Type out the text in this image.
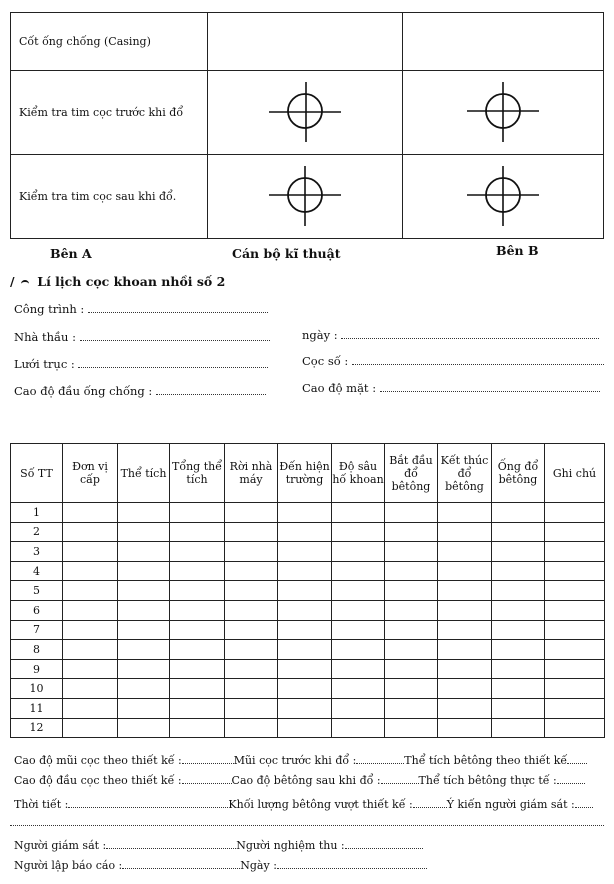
Cốt ống chống (Casing)		
Kiểm tra tim cọc trước khi đổ		
Kiểm tra tim cọc sau khi đổ.		
Bên A	Cán bộ kĩ thuật	Bên B
/ Lí lịch cọc khoan nhồi số 2
Công trình :
Nhà thầu :	ngày :
Lưới trục :	Cọc số :
Cao độ đầu ống chống :	Cao độ mặt :
Số TT	Đơn vị cấp	Thể tích	Tổng thể tích	Rời nhà máy	Đến hiện trường	Độ sâu hố khoan	Bắt đầu đổ bêtông	Kết thúc đổ bêtông	Ống đổ bêtông	Ghi chú
1										
2										
3										
4										
5										
6										
7										
8										
9										
10										
11										
12										
Cao độ mũi cọc theo thiết kế :	Mũi cọc trước khi đổ :	Thể tích bêtông theo thiết kế
Cao độ đầu cọc theo thiết kế :	Cao độ bêtông sau khi đổ :	Thể tích bêtông thực tế :
Thời tiết :	Khối lượng bêtông vượt thiết kế :	Ý kiến người giám sát :
Người giám sát :	Người nghiệm thu :
Người lập báo cáo :	Ngày :
